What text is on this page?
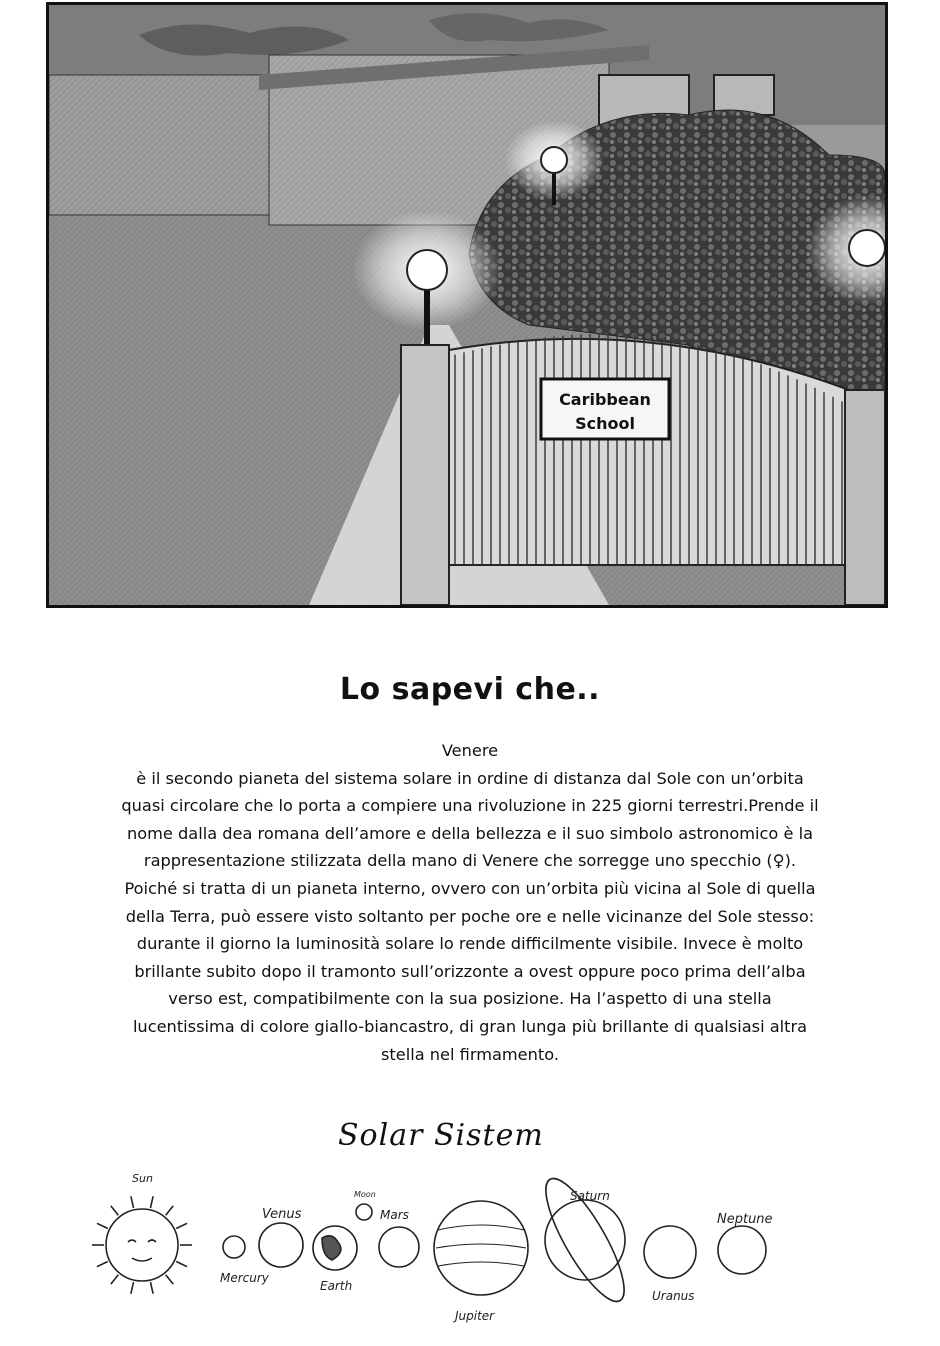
Caribbean
School
Lo sapevi che..

Venere

è il secondo pianeta del sistema solare in ordine di distanza dal Sole con un’orbita quasi circolare che lo porta a compiere una rivoluzione in 225 giorni terrestri.Prende il nome dalla dea romana dell’amore e della bellezza e il suo simbolo astronomico è la rappresentazione stilizzata della mano di Venere che sorregge uno specchio (♀).

Poiché si tratta di un pianeta interno, ovvero con un’orbita più vicina al Sole di quella della Terra, può essere visto soltanto per poche ore e nelle vicinanze del Sole stesso: durante il giorno la luminosità solare lo rende difficilmente visibile. Invece è molto brillante subito dopo il tramonto sull’orizzonte a ovest oppure poco prima dell’alba verso est, compatibilmente con la sua posizione. Ha l’aspetto di una stella lucentissima di colore giallo-biancastro, di gran lunga più brillante di qualsiasi altra stella nel firmamento.

Solar Sistem
Sun
Mercury
Venus
Moon
Earth
Mars
Jupiter
Saturn
Uranus
Neptune
